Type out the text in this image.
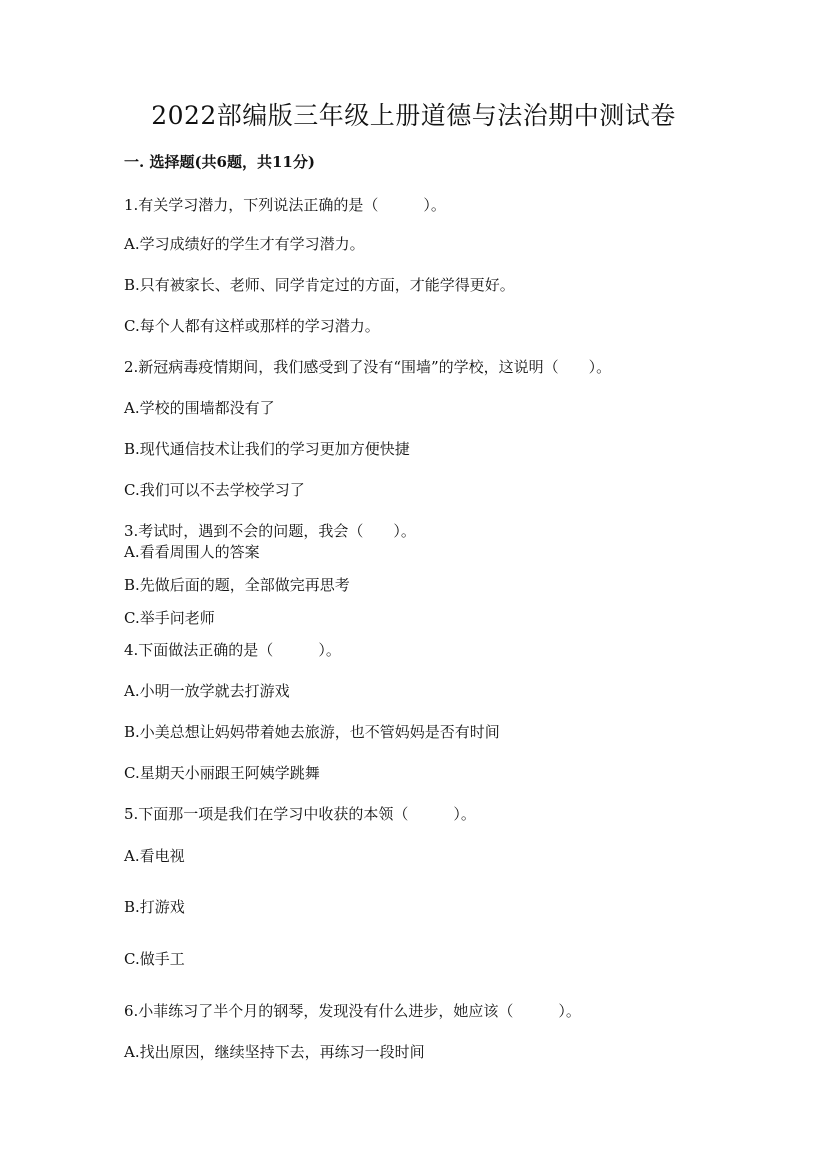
2022部编版三年级上册道德与法治期中测试卷

一. 选择题(共6题，共11分)

1.有关学习潜力，下列说法正确的是（　　　）。

A.学习成绩好的学生才有学习潜力。

B.只有被家长、老师、同学肯定过的方面，才能学得更好。

C.每个人都有这样或那样的学习潜力。

2.新冠病毒疫情期间，我们感受到了没有“围墙”的学校，这说明（　　）。

A.学校的围墙都没有了

B.现代通信技术让我们的学习更加方便快捷

C.我们可以不去学校学习了

3.考试时，遇到不会的问题，我会（　　）。

A.看看周围人的答案

B.先做后面的题，全部做完再思考

C.举手问老师

4.下面做法正确的是（　　　）。

A.小明一放学就去打游戏

B.小美总想让妈妈带着她去旅游，也不管妈妈是否有时间

C.星期天小丽跟王阿姨学跳舞

5.下面那一项是我们在学习中收获的本领（　　　）。

A.看电视

B.打游戏

C.做手工

6.小菲练习了半个月的钢琴，发现没有什么进步，她应该（　　　）。

A.找出原因，继续坚持下去，再练习一段时间
